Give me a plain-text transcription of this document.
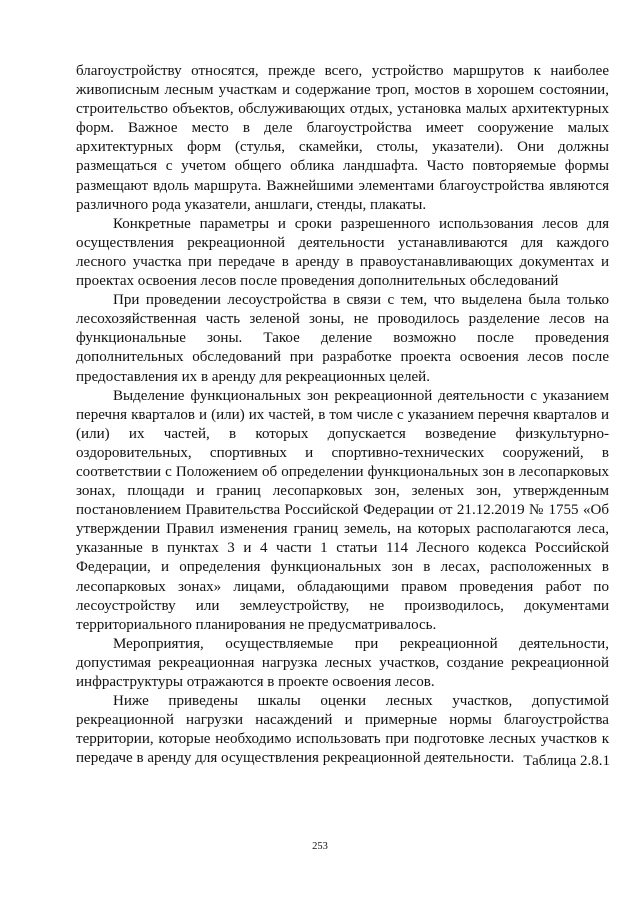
благоустройству относятся, прежде всего, устройство маршрутов к наиболее живописным лесным участкам и содержание троп, мостов в хорошем состоянии, строительство объектов, обслуживающих отдых, установка малых архитектурных форм. Важное место в деле благоустройства имеет сооружение малых архитектурных форм (стулья, скамейки, столы, указатели). Они должны размещаться с учетом общего облика ландшафта. Часто повторяемые формы размещают вдоль маршрута. Важнейшими элементами благоустройства являются различного рода указатели, аншлаги, стенды, плакаты.

Конкретные параметры и сроки разрешенного использования лесов для осуществления рекреационной деятельности устанавливаются для каждого лесного участка при передаче в аренду в правоустанавливающих документах и проектах освоения лесов после проведения дополнительных обследований

При проведении лесоустройства в связи с тем, что выделена была только лесохозяйственная часть зеленой зоны, не проводилось разделение лесов на функциональные зоны. Такое деление возможно после проведения дополнительных обследований при разработке проекта освоения лесов после предоставления их в аренду для рекреационных целей.

Выделение функциональных зон рекреационной деятельности с указанием перечня кварталов и (или) их частей, в том числе с указанием перечня кварталов и (или) их частей, в которых допускается возведение физкультурно-оздоровительных, спортивных и спортивно-технических сооружений, в соответствии с Положением об определении функциональных зон в лесопарковых зонах, площади и границ лесопарковых зон, зеленых зон, утвержденным постановлением Правительства Российской Федерации от 21.12.2019 № 1755 «Об утверждении Правил изменения границ земель, на которых располагаются леса, указанные в пунктах 3 и 4 части 1 статьи 114 Лесного кодекса Российской Федерации, и определения функциональных зон в лесах, расположенных в лесопарковых зонах» лицами, обладающими правом проведения работ по лесоустройству или землеустройству, не производилось, документами территориального планирования не предусматривалось.

Мероприятия, осуществляемые при рекреационной деятельности, допустимая рекреационная нагрузка лесных участков, создание рекреационной инфраструктуры отражаются в проекте освоения лесов.

Ниже приведены шкалы оценки лесных участков, допустимой рекреационной нагрузки насаждений и примерные нормы благоустройства территории, которые необходимо использовать при подготовке лесных участков к передаче в аренду для осуществления рекреационной деятельности. Таблица 2.8.1
253
